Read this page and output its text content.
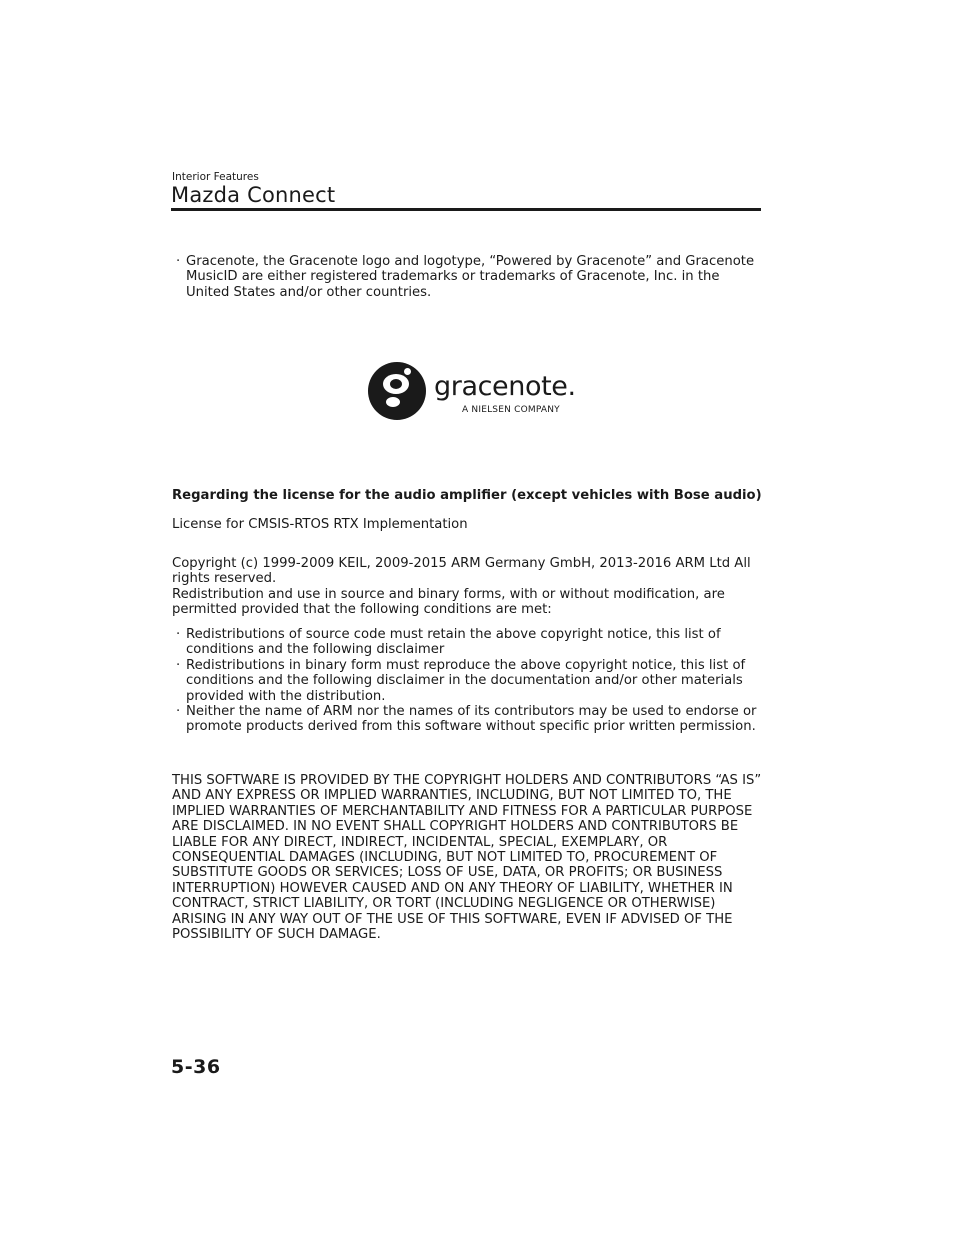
Interior Features
Mazda Connect
· Gracenote, the Gracenote logo and logotype, “Powered by Gracenote” and Gracenote MusicID are either registered trademarks or trademarks of Gracenote, Inc. in the United States and/or other countries.
gracenote.
A NIELSEN COMPANY
Regarding the license for the audio amplifier (except vehicles with Bose audio)
License for CMSIS-RTOS RTX Implementation
Copyright (c) 1999-2009 KEIL, 2009-2015 ARM Germany GmbH, 2013-2016 ARM Ltd All rights reserved.
Redistribution and use in source and binary forms, with or without modification, are permitted provided that the following conditions are met:
· Redistributions of source code must retain the above copyright notice, this list of conditions and the following disclaimer
· Redistributions in binary form must reproduce the above copyright notice, this list of conditions and the following disclaimer in the documentation and/or other materials provided with the distribution.
· Neither the name of ARM nor the names of its contributors may be used to endorse or promote products derived from this software without specific prior written permission.
THIS SOFTWARE IS PROVIDED BY THE COPYRIGHT HOLDERS AND CONTRIBUTORS “AS IS” AND ANY EXPRESS OR IMPLIED WARRANTIES, INCLUDING, BUT NOT LIMITED TO, THE IMPLIED WARRANTIES OF MERCHANTABILITY AND FITNESS FOR A PARTICULAR PURPOSE ARE DISCLAIMED. IN NO EVENT SHALL COPYRIGHT HOLDERS AND CONTRIBUTORS BE LIABLE FOR ANY DIRECT, INDIRECT, INCIDENTAL, SPECIAL, EXEMPLARY, OR CONSEQUENTIAL DAMAGES (INCLUDING, BUT NOT LIMITED TO, PROCUREMENT OF SUBSTITUTE GOODS OR SERVICES; LOSS OF USE, DATA, OR PROFITS; OR BUSINESS INTERRUPTION) HOWEVER CAUSED AND ON ANY THEORY OF LIABILITY, WHETHER IN CONTRACT, STRICT LIABILITY, OR TORT (INCLUDING NEGLIGENCE OR OTHERWISE) ARISING IN ANY WAY OUT OF THE USE OF THIS SOFTWARE, EVEN IF ADVISED OF THE POSSIBILITY OF SUCH DAMAGE.
5-36
